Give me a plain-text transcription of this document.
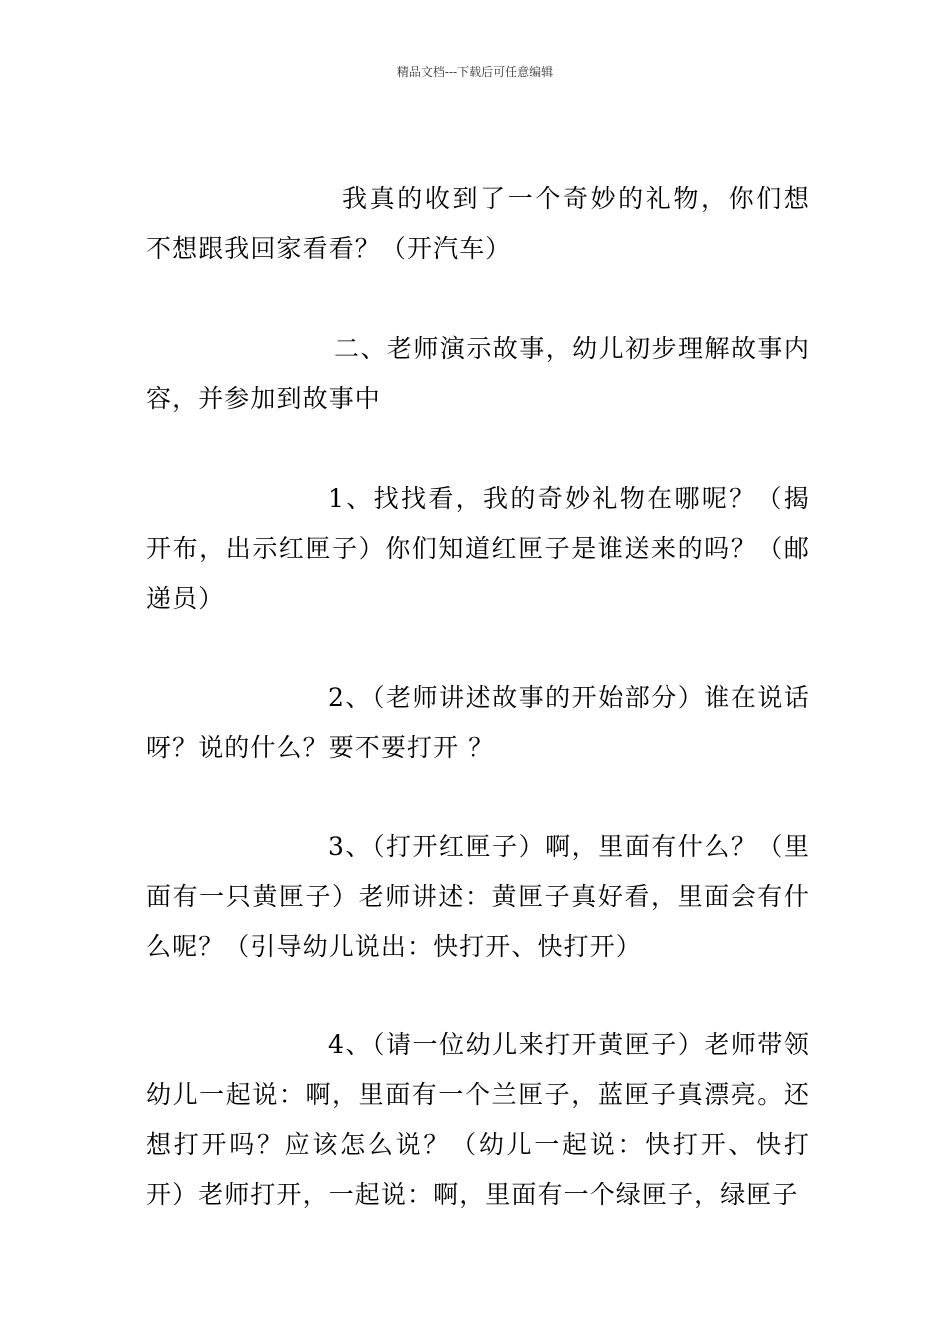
精品文档---下载后可任意编辑

我真的收到了一个奇妙的礼物，你们想不想跟我回家看看？（开汽车）

二、老师演示故事，幼儿初步理解故事内容，并参加到故事中

1、找找看，我的奇妙礼物在哪呢？（揭开布，出示红匣子）你们知道红匣子是谁送来的吗？（邮递员）

2、（老师讲述故事的开始部分）谁在说话呀？说的什么？要不要打开 ？

3、（打开红匣子）啊，里面有什么？（里面有一只黄匣子）老师讲述：黄匣子真好看，里面会有什么呢？（引导幼儿说出：快打开、快打开）

4、（请一位幼儿来打开黄匣子）老师带领幼儿一起说：啊，里面有一个兰匣子，蓝匣子真漂亮。还想打开吗？应该怎么说？（幼儿一起说：快打开、快打开）老师打开，一起说：啊，里面有一个绿匣子，绿匣子
